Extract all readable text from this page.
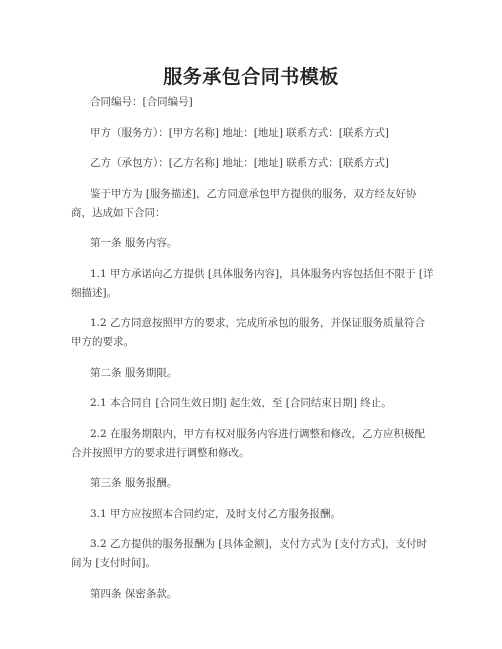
服务承包合同书模板

合同编号：[合同编号]

甲方（服务方）：[甲方名称] 地址：[地址] 联系方式：[联系方式]

乙方（承包方）：[乙方名称] 地址：[地址] 联系方式：[联系方式]

鉴于甲方为 [服务描述]，乙方同意承包甲方提供的服务，双方经友好协商，达成如下合同：

第一条 服务内容。

1.1 甲方承诺向乙方提供 [具体服务内容]，具体服务内容包括但不限于 [详细描述]。

1.2 乙方同意按照甲方的要求，完成所承包的服务，并保证服务质量符合甲方的要求。

第二条 服务期限。

2.1 本合同自 [合同生效日期] 起生效，至 [合同结束日期] 终止。

2.2 在服务期限内，甲方有权对服务内容进行调整和修改，乙方应积极配合并按照甲方的要求进行调整和修改。

第三条 服务报酬。

3.1 甲方应按照本合同约定，及时支付乙方服务报酬。

3.2 乙方提供的服务报酬为 [具体金额]，支付方式为 [支付方式]，支付时间为 [支付时间]。

第四条 保密条款。
